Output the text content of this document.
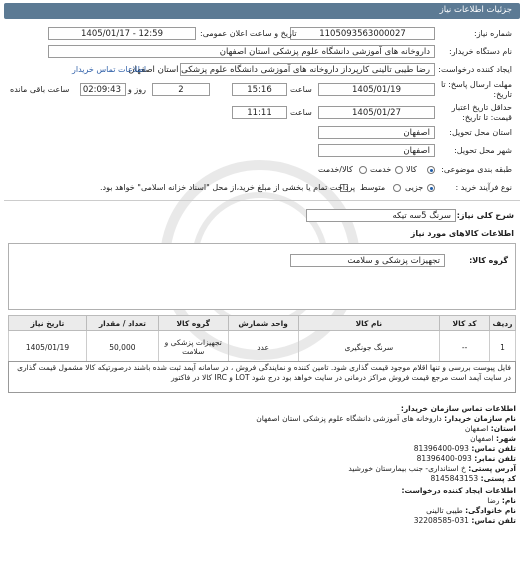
جزئیات اطلاعات نیاز
شماره نیاز:
1105093563000027
تاریخ و ساعت اعلان عمومی:
1405/01/17 - 12:59
نام دستگاه خریدار:
داروخانه های آموزشی دانشگاه علوم پزشکی استان اصفهان
ایجاد کننده درخواست:
رضا طیبی تالینی کارپرداز داروخانه های آموزشی دانشگاه علوم پزشکی استان اصفهان
اطلاعات تماس خریدار
مهلت ارسال پاسخ: تا
تاریخ:
1405/01/19
ساعت
15:16
2
روز و
02:09:43
ساعت باقی مانده
حداقل تاریخ اعتبار
قیمت: تا تاریخ:
1405/01/27
ساعت
11:11
استان محل تحویل:
اصفهان
شهر محل تحویل:
اصفهان
طبقه بندی موضوعی:
کالا
خدمت
کالا/خدمت
نوع فرآیند خرید :
جزیی
متوسط
پرداخت تمام یا بخشی از مبلغ خرید،از محل "اسناد خزانه اسلامی" خواهد بود.
شرح کلی نیاز:
سرنگ 5سه تیکه
اطلاعات کالاهای مورد نیاز
گروه کالا:
تجهیزات پزشکی و سلامت
ردیف	کد کالا	نام کالا	واحد شمارش	گروه کالا	تعداد / مقدار	تاریخ نیاز
1	--	سرنگ جونگیری	عدد	تجهیزات پزشکی و سلامت	50,000	1405/01/19
فایل پیوست بررسی و تنها اقلام موجود قیمت گذاری شود. تامین کننده و نمایندگی فروش ، در سامانه آیمد ثبت شده باشند درصورتیکه کالا مشمول قیمت گذاری در سایت آیمد است مرجع قیمت فروش مراکز درمانی در سایت خواهد بود درج شود LOT و IRC کالا در فاکتور
اطلاعات تماس سازمان خریدار:
نام سازمان خریدار: داروخانه های آموزشی دانشگاه علوم پزشکی استان اصفهان
استان: اصفهان
شهر: اصفهان
تلفن تماس: 093-81396400
تلفن نمابر: 093-81396400
آدرس پستی: خ استانداری- جنب بیمارستان خورشید
کد پستی: 8145843153
اطلاعات ایجاد کننده درخواست:
نام: رضا
نام خانوادگی: طیبی تالینی
تلفن تماس: 031-32208585
